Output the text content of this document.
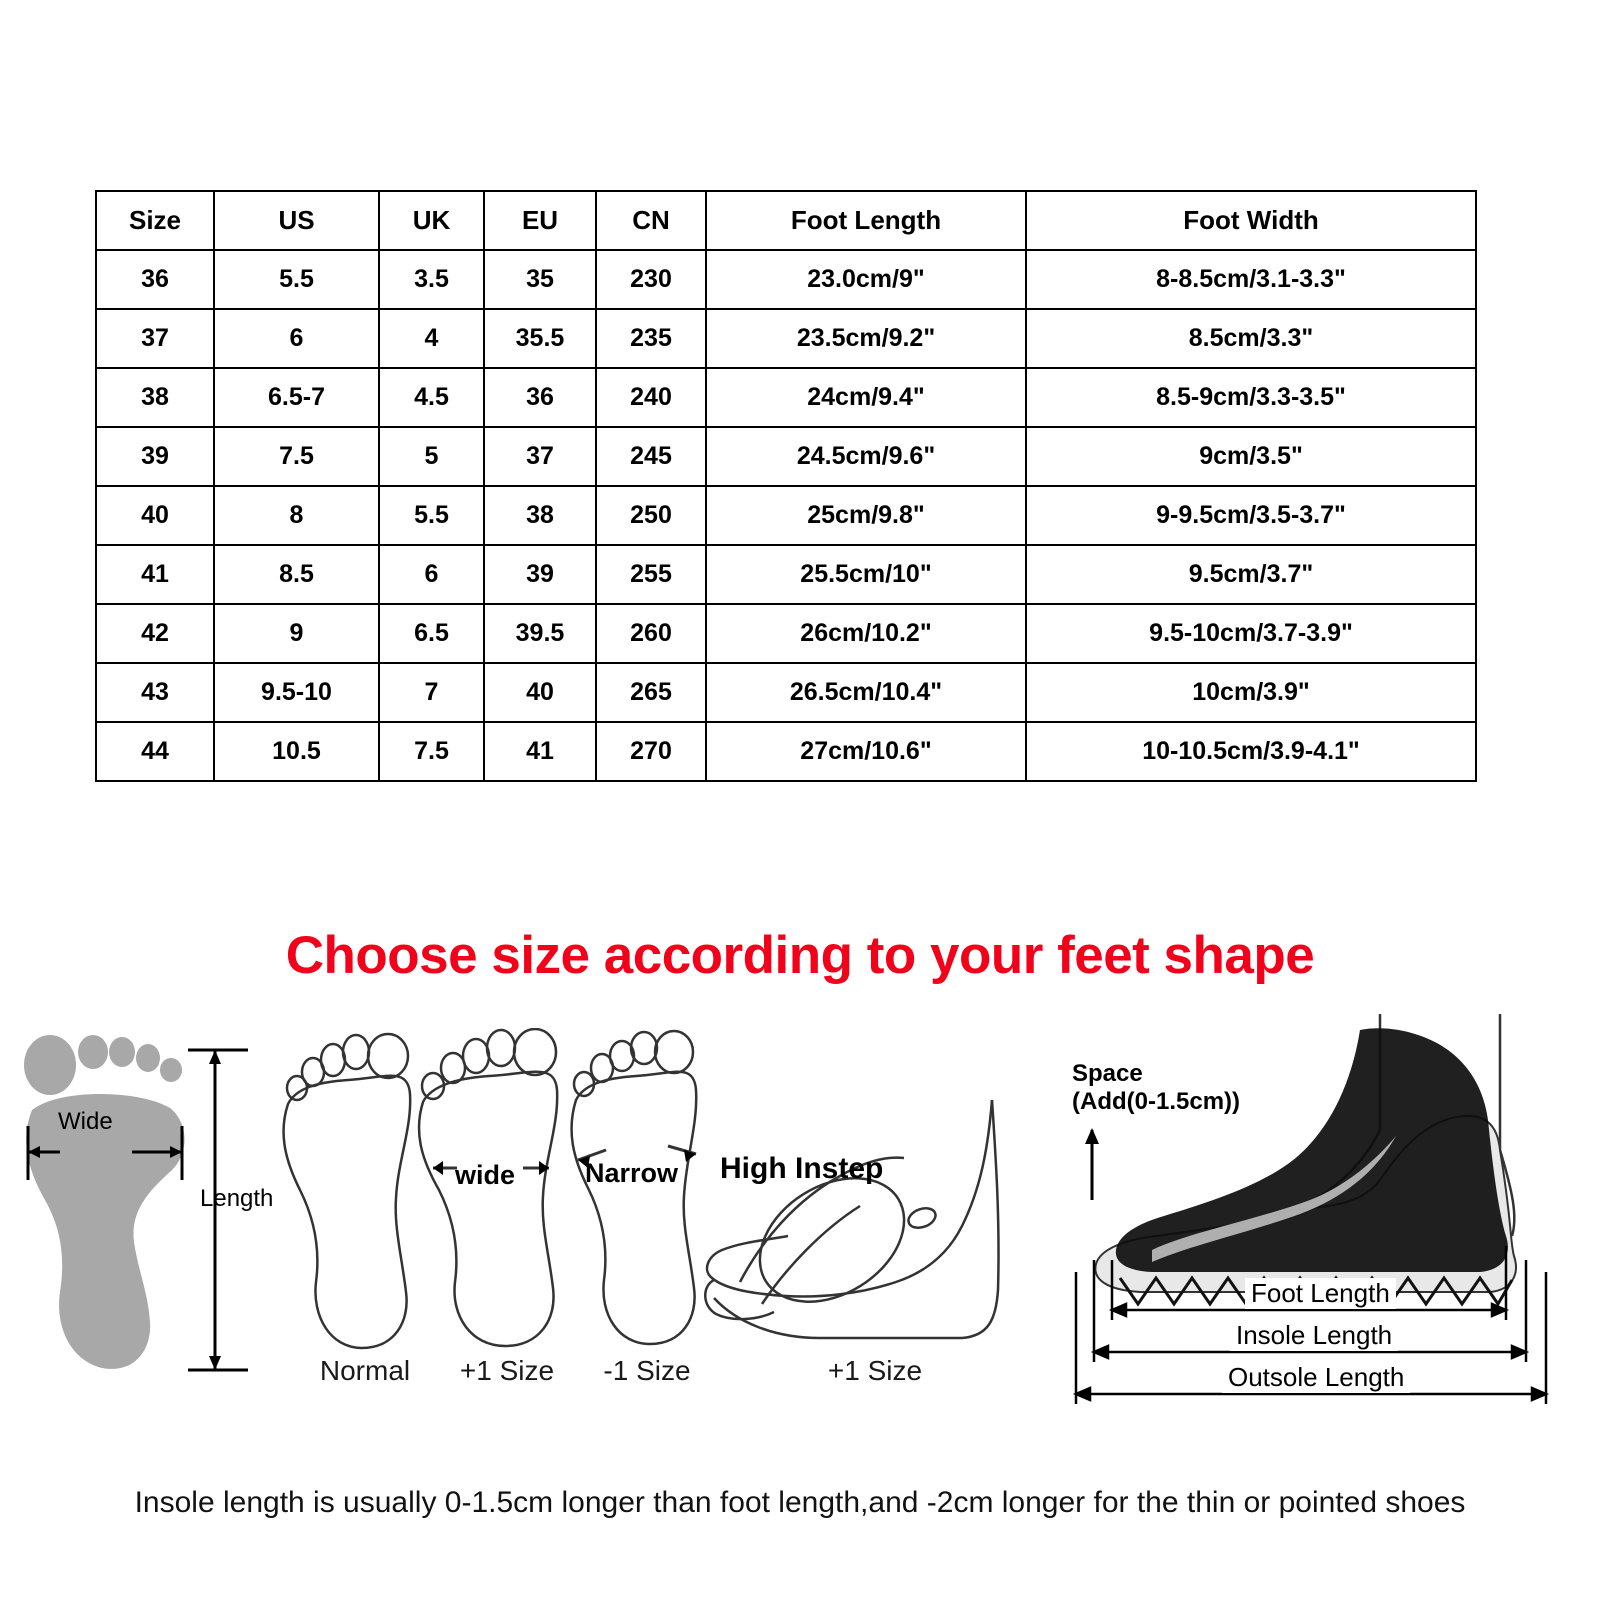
Size	US	UK	EU	CN	Foot Length	Foot Width
36	5.5	3.5	35	230	23.0cm/9"	8-8.5cm/3.1-3.3"
37	6	4	35.5	235	23.5cm/9.2"	8.5cm/3.3"
38	6.5-7	4.5	36	240	24cm/9.4"	8.5-9cm/3.3-3.5"
39	7.5	5	37	245	24.5cm/9.6"	9cm/3.5"
40	8	5.5	38	250	25cm/9.8"	9-9.5cm/3.5-3.7"
41	8.5	6	39	255	25.5cm/10"	9.5cm/3.7"
42	9	6.5	39.5	260	26cm/10.2"	9.5-10cm/3.7-3.9"
43	9.5-10	7	40	265	26.5cm/10.4"	10cm/3.9"
44	10.5	7.5	41	270	27cm/10.6"	10-10.5cm/3.9-4.1"
Choose size according to your feet shape
Wide
Length
Normal
wide
+1 Size
Narrow
-1 Size
High Instep
+1 Size
Space
(Add(0-1.5cm))
Foot Length
Insole Length
Outsole Length
Insole length is usually 0-1.5cm longer than foot length,and -2cm longer for the thin or pointed shoes
